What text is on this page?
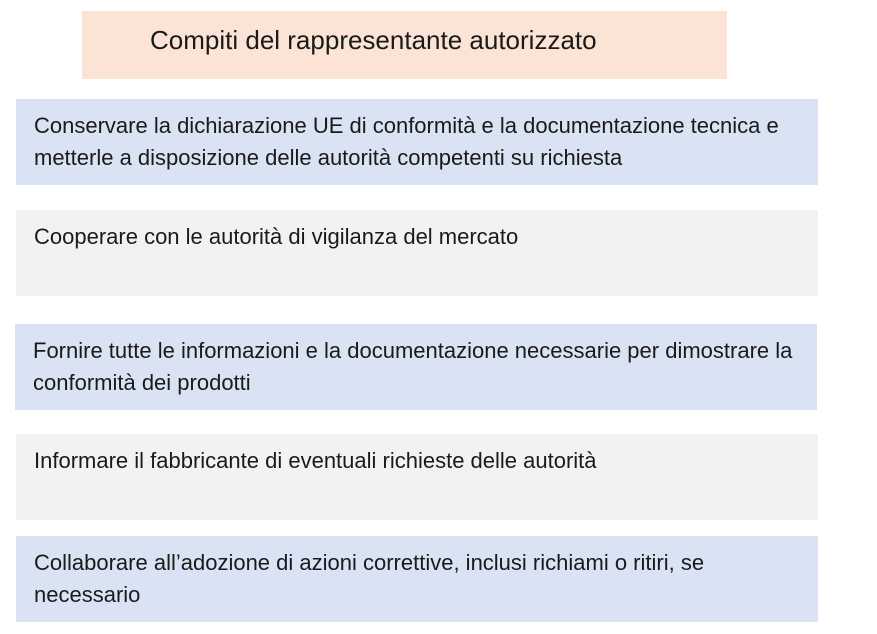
Compiti del rappresentante autorizzato
Conservare la dichiarazione UE di conformità e la documentazione tecnica e metterle a disposizione delle autorità competenti su richiesta
Cooperare con le autorità di vigilanza del mercato
Fornire tutte le informazioni e la documentazione necessarie per dimostrare la conformità dei prodotti
Informare il fabbricante di eventuali richieste delle autorità
Collaborare all’adozione di azioni correttive, inclusi richiami o ritiri, se necessario
